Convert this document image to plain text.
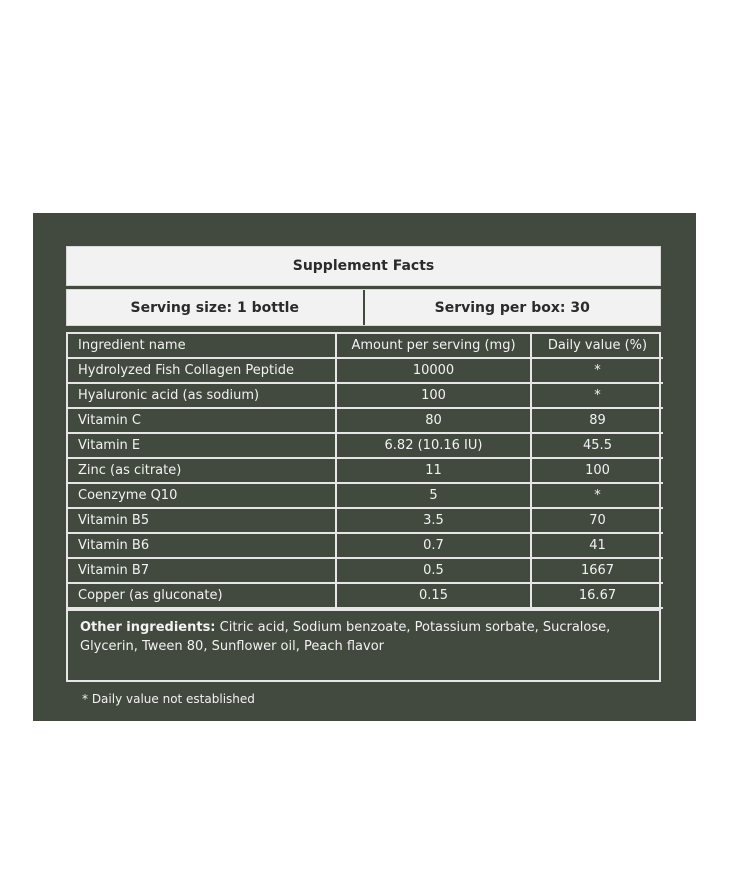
Supplement Facts
Serving size: 1 bottle	Serving per box: 30
Ingredient name	Amount per serving (mg)	Daily value (%)
Hydrolyzed Fish Collagen Peptide	10000	*
Hyaluronic acid (as sodium)	100	*
Vitamin C	80	89
Vitamin E	6.82 (10.16 IU)	45.5
Zinc (as citrate)	11	100
Coenzyme Q10	5	*
Vitamin B5	3.5	70
Vitamin B6	0.7	41
Vitamin B7	0.5	1667
Copper (as gluconate)	0.15	16.67
Other ingredients: Citric acid, Sodium benzoate, Potassium sorbate, Sucralose, Glycerin, Tween 80, Sunflower oil, Peach flavor
* Daily value not established
